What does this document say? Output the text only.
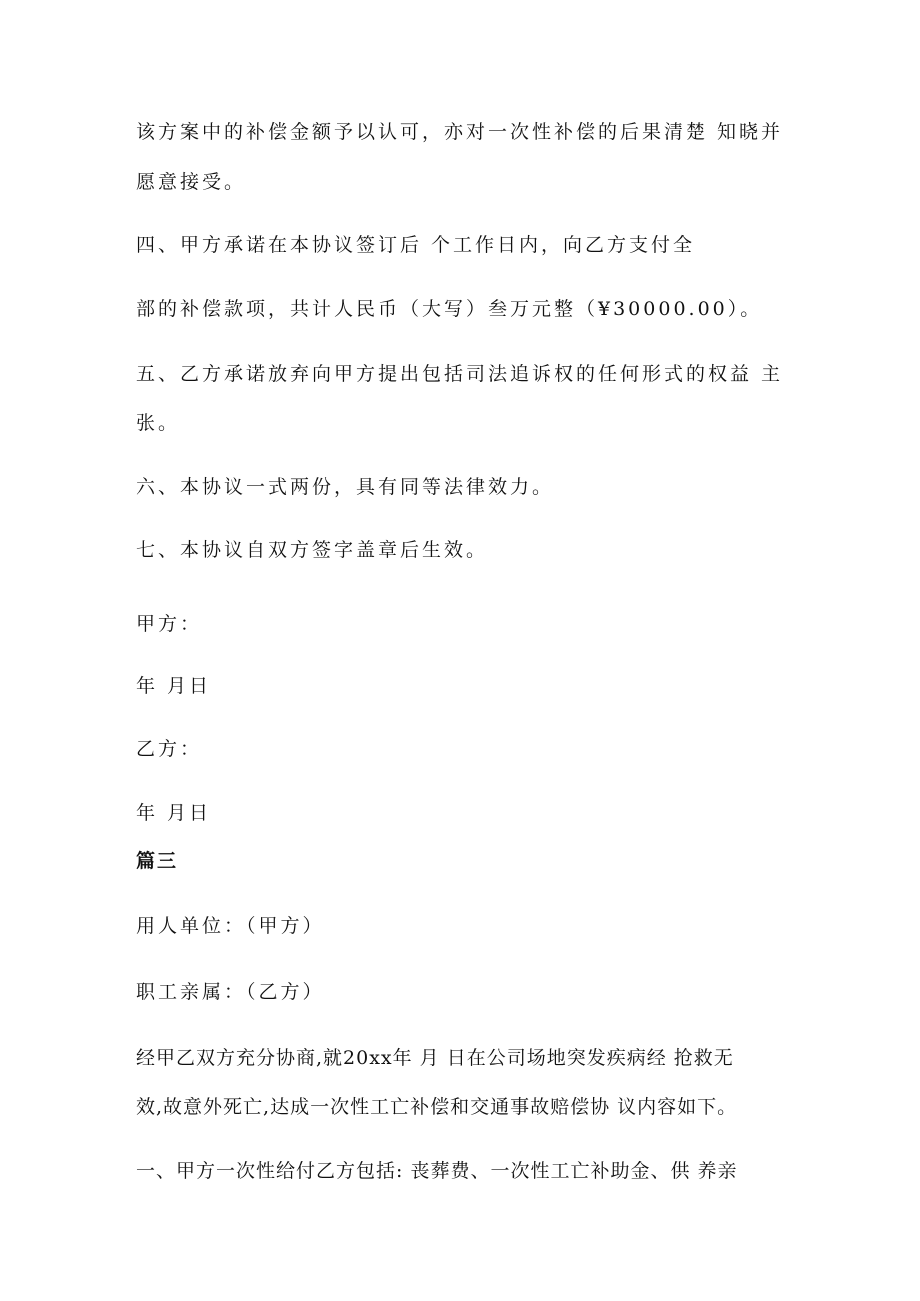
该方案中的补偿金额予以认可，亦对一次性补偿的后果清楚 知晓并
愿意接受。
四、甲方承诺在本协议签订后 个工作日内，向乙方支付全
部的补偿款项，共计人民币（大写）叁万元整（¥30000.00）。
五、乙方承诺放弃向甲方提出包括司法追诉权的任何形式的权益 主
张。
六、本协议一式两份，具有同等法律效力。
七、本协议自双方签字盖章后生效。
甲方：
年 月日
乙方：
年 月日
篇三
用人单位：（甲方）
职工亲属：（乙方）
经甲乙双方充分协商,就20xx年 月 日在公司场地突发疾病经 抢救无
效,故意外死亡,达成一次性工亡补偿和交通事故赔偿协 议内容如下。
一、甲方一次性给付乙方包括: 丧葬费、一次性工亡补助金、供 养亲
